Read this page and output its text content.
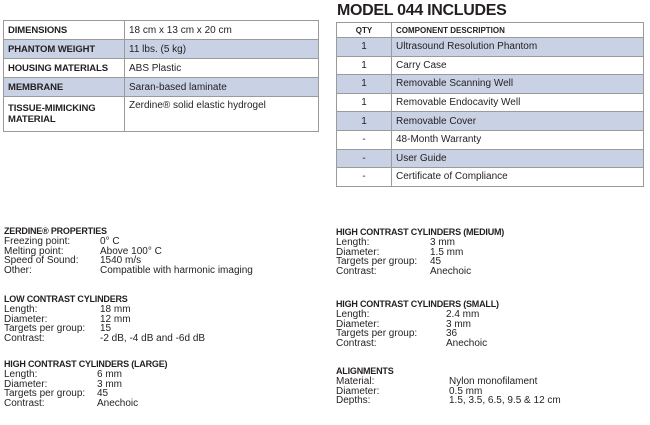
DIMENSIONS	18 cm x 13 cm x 20 cm
PHANTOM WEIGHT	11 lbs. (5 kg)
HOUSING MATERIALS	ABS Plastic
MEMBRANE	Saran-based laminate
TISSUE-MIMICKING MATERIAL	Zerdine® solid elastic hydrogel
MODEL 044 INCLUDES
QTY	COMPONENT DESCRIPTION
1	Ultrasound Resolution Phantom
1	Carry Case
1	Removable Scanning Well
1	Removable Endocavity Well
1	Removable Cover
-	48-Month Warranty
-	User Guide
-	Certificate of Compliance
ZERDINE® PROPERTIES
Freezing point:	0° C
Melting point:	Above 100° C
Speed of Sound:	1540 m/s
Other:	Compatible with harmonic imaging
LOW CONTRAST CYLINDERS
Length:	18 mm
Diameter:	12 mm
Targets per group:	15
Contrast:	-2 dB, -4 dB and -6d dB
HIGH CONTRAST CYLINDERS (LARGE)
Length:	6 mm
Diameter:	3 mm
Targets per group:	45
Contrast:	Anechoic
HIGH CONTRAST CYLINDERS (MEDIUM)
Length:	3 mm
Diameter:	1.5 mm
Targets per group:	45
Contrast:	Anechoic
HIGH CONTRAST CYLINDERS (SMALL)
Length:	2.4 mm
Diameter:	3 mm
Targets per group:	36
Contrast:	Anechoic
ALIGNMENTS
Material:	Nylon monofilament
Diameter:	0.5 mm
Depths:	1.5, 3.5, 6.5, 9.5 & 12 cm
